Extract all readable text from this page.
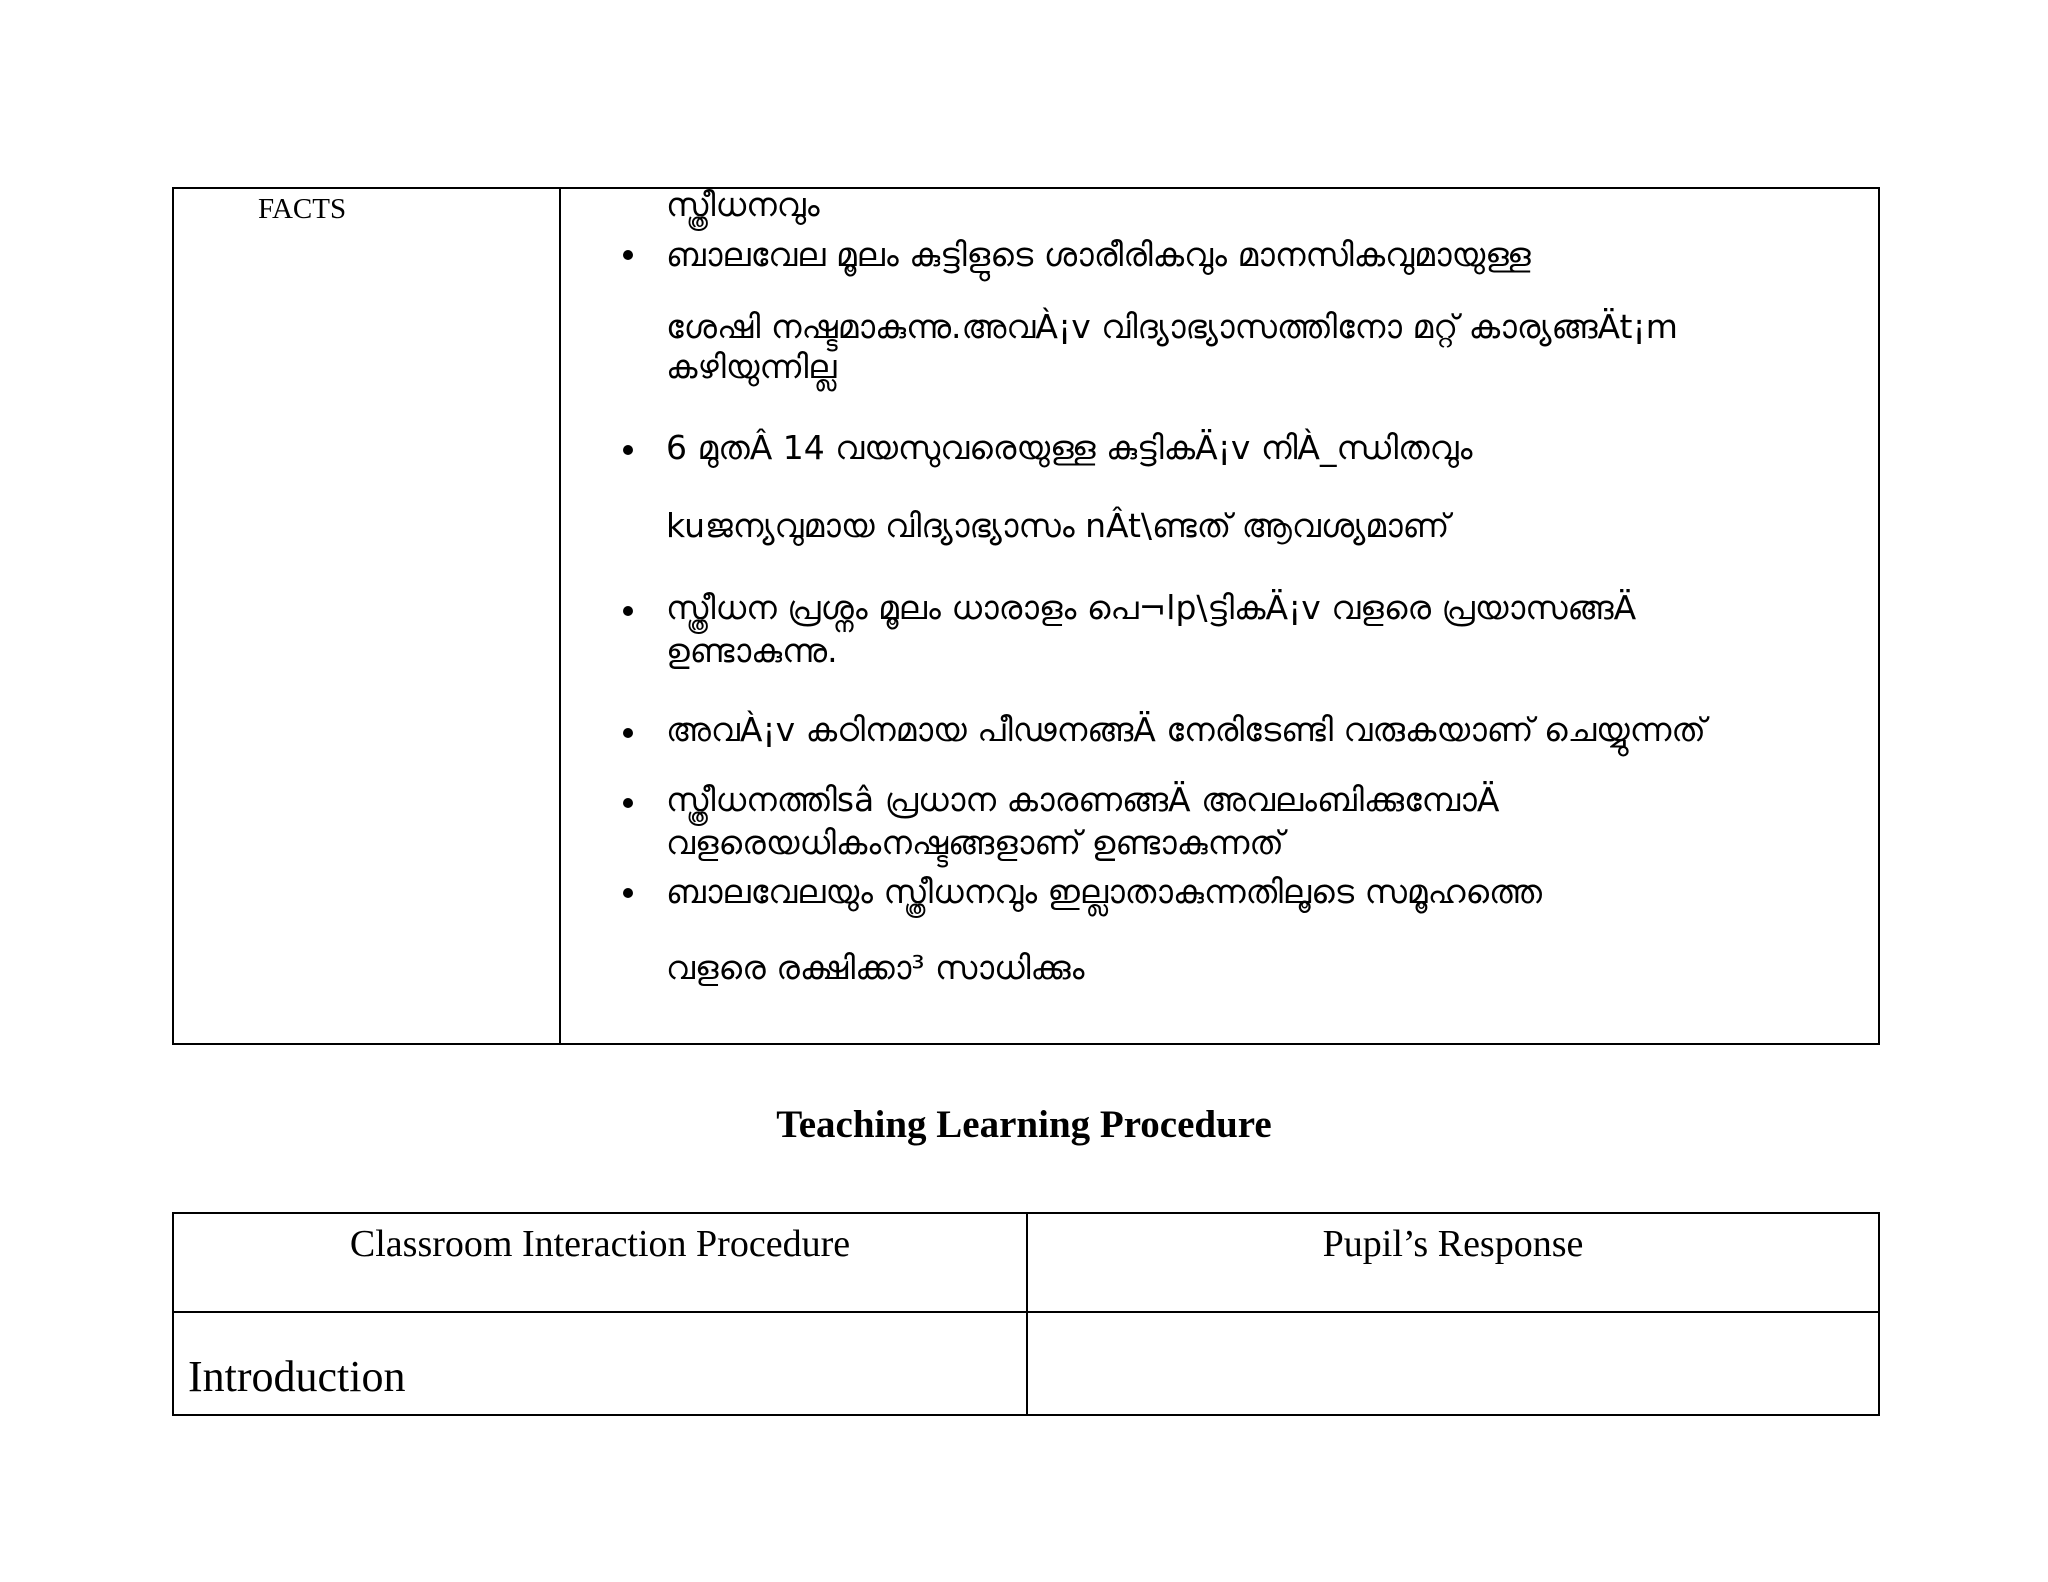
FACTS	സ്ത്രീധനവും
ബാലവേല മൂലം കുട്ടിളുടെ ശാരീരികവും മാനസികവുമായുള്ള
ശേഷി നഷ്ടമാകുന്നു.അവÀ¡v വിദ്യാഭ്യാസത്തിനോ മറ്റ് കാര്യങ്ങÄt¡m
കഴിയുന്നില്ല
6 മുതÂ 14 വയസുവരെയുള്ള കുട്ടികÄ¡v നിÀ_ന്ധിതവും
kuജന്യവുമായ വിദ്യാഭ്യാസം nÂt\ണ്ടത് ആവശ്യമാണ്
സ്ത്രീധന പ്രശ്നം മൂലം ധാരാളം പെ¬lp\ട്ടികÄ¡v വളരെ പ്രയാസങ്ങÄ
ഉണ്ടാകുന്നു.
അവÀ¡v കഠിനമായ പീഢനങ്ങÄ നേരിടേണ്ടി വരുകയാണ് ചെയ്യുന്നത്
സ്ത്രീധനത്തിsâ പ്രധാന കാരണങ്ങÄ അവലംബിക്കുമ്പോÄ
വളരെയധികംനഷ്ടങ്ങളാണ് ഉണ്ടാകുന്നത്
ബാലവേലയും സ്ത്രീധനവും ഇല്ലാതാകുന്നതിലൂടെ സമൂഹത്തെ
വളരെ രക്ഷിക്കാ³ സാധിക്കും
Teaching Learning Procedure
Classroom Interaction Procedure	Pupil’s Response
Introduction
